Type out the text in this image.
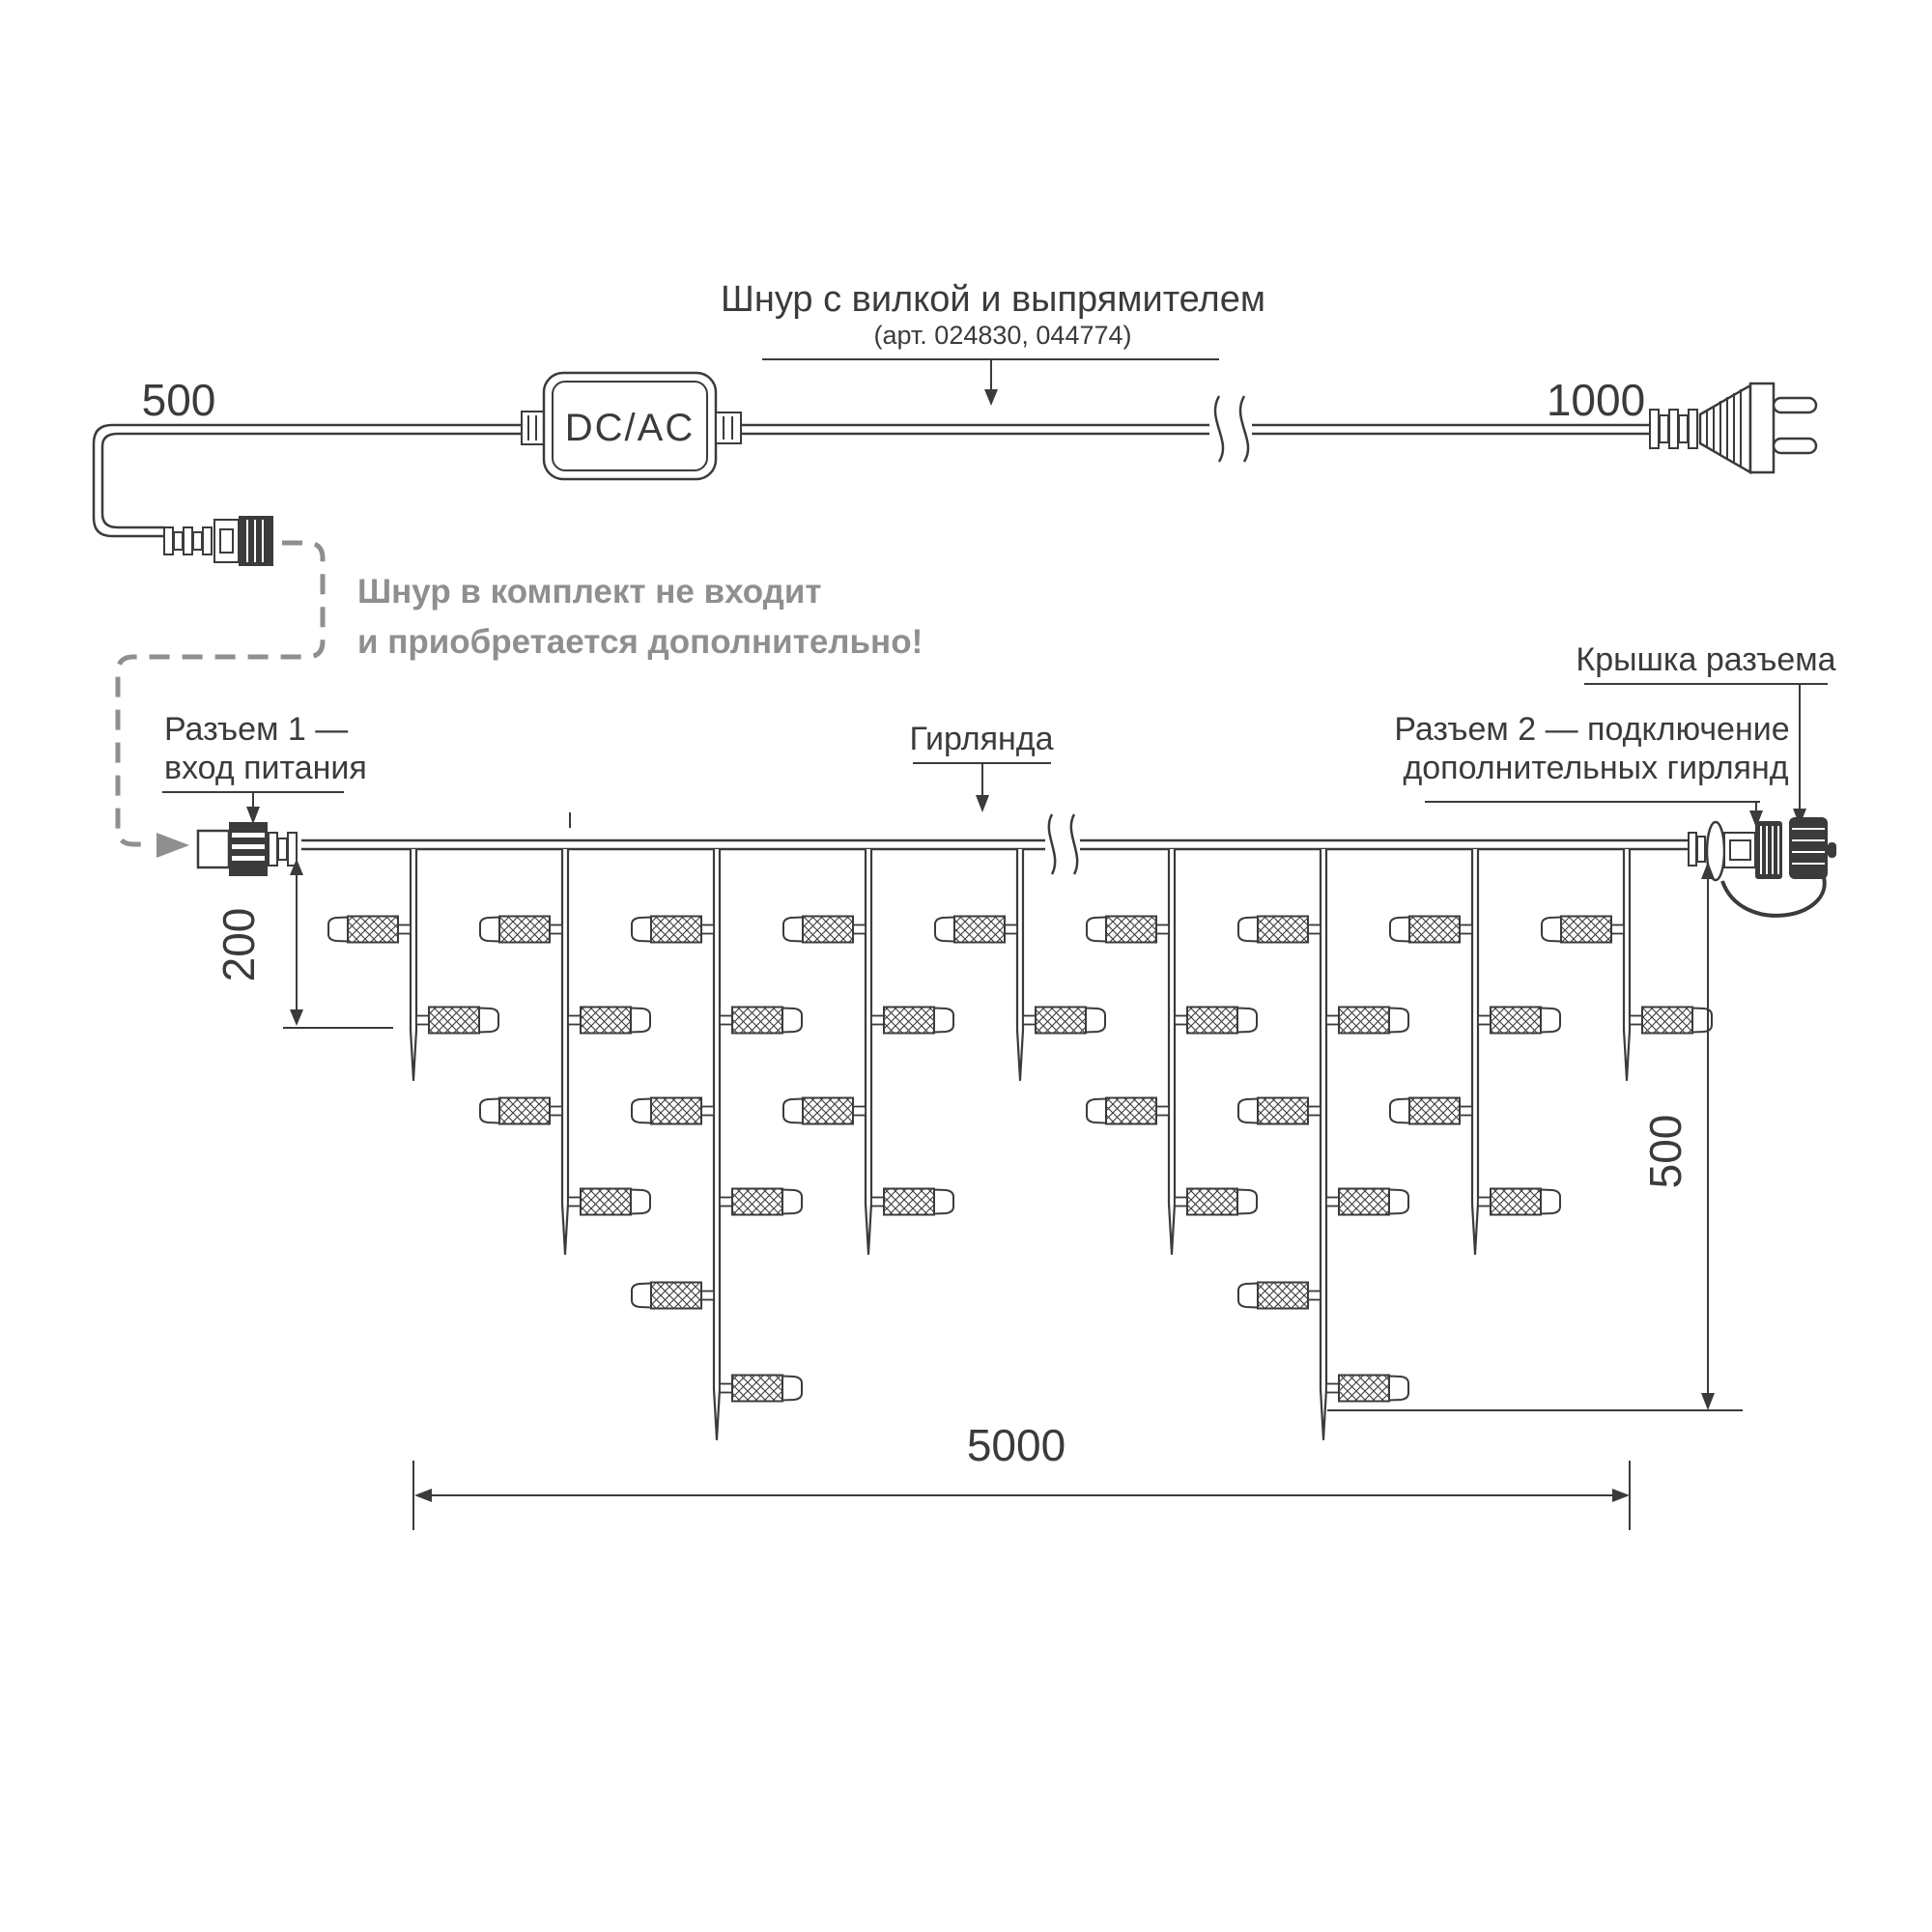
Шнур с вилкой и выпрямителем
(арт. 024830, 044774)
500	1000
DC/AC
Шнур в комплект не входит
и приобретается дополнительно!
Разъем 1 —
вход питания
Гирлянда	Разъем 2 — подключение
дополнительных гирлянд
Крышка разъема
200
500
5000
